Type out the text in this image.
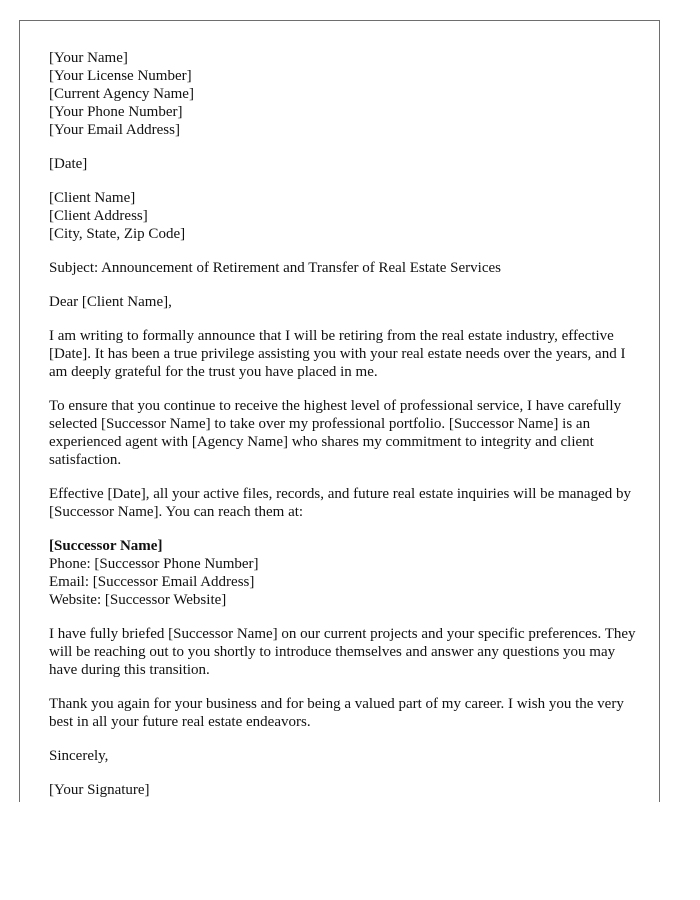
[Your Name]
[Your License Number]
[Current Agency Name]
[Your Phone Number]
[Your Email Address]
[Date]
[Client Name]
[Client Address]
[City, State, Zip Code]
Subject: Announcement of Retirement and Transfer of Real Estate Services
Dear [Client Name],

I am writing to formally announce that I will be retiring from the real estate industry, effective [Date]. It has been a true privilege assisting you with your real estate needs over the years, and I am deeply grateful for the trust you have placed in me.

To ensure that you continue to receive the highest level of professional service, I have carefully selected [Successor Name] to take over my professional portfolio. [Successor Name] is an experienced agent with [Agency Name] who shares my commitment to integrity and client satisfaction.

Effective [Date], all your active files, records, and future real estate inquiries will be managed by [Successor Name]. You can reach them at:

[Successor Name]
Phone: [Successor Phone Number]
Email: [Successor Email Address]
Website: [Successor Website]

I have fully briefed [Successor Name] on our current projects and your specific preferences. They will be reaching out to you shortly to introduce themselves and answer any questions you may have during this transition.

Thank you again for your business and for being a valued part of my career. I wish you the very best in all your future real estate endeavors.

Sincerely,
[Your Signature]
